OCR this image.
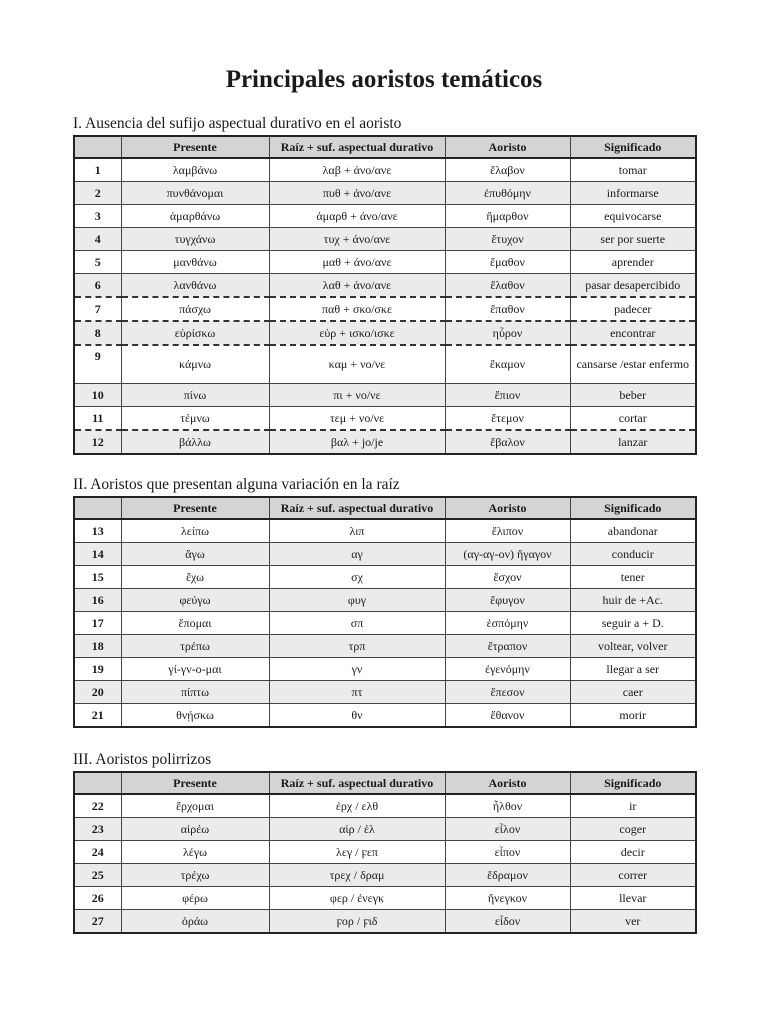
Principales aoristos temáticos
I. Ausencia del sufijo aspectual durativo en el aoristo
	Presente	Raíz + suf. aspectual durativo	Aoristo	Significado
1	λαμβάνω	λαβ + άνο/ανε	ἔλαβον	tomar
2	πυνθάνομαι	πυθ + άνο/ανε	ἐπυθόμην	informarse
3	ἁμαρθάνω	ἁμαρθ + άνο/ανε	ἥμαρθον	equivocarse
4	τυγχάνω	τυχ + άνο/ανε	ἔτυχον	ser por suerte
5	μανθάνω	μαθ + άνο/ανε	ἔμαθον	aprender
6	λανθάνω	λαθ + άνο/ανε	ἔλαθον	pasar desapercibido
7	πάσχω	παθ + σκο/σκε	ἔπαθον	padecer
8	εὑρίσκω	εὑρ + ισκο/ισκε	ηὗρον	encontrar
9	κάμνω	καμ + νο/νε	ἔκαμον	cansarse /estar enfermo
10	πίνω	πι + νο/νε	ἔπιον	beber
11	τέμνω	τεμ + νο/νε	ἔτεμον	cortar
12	βάλλω	βαλ + jo/je	ἔβαλον	lanzar
II. Aoristos que presentan alguna variación en la raíz
	Presente	Raíz + suf. aspectual durativo	Aoristo	Significado
13	λείπω	λιπ	ἔλιπον	abandonar
14	ἄγω	αγ	(αγ-αγ-ον) ἤγαγον	conducir
15	ἔχω	σχ	ἔσχον	tener
16	φεύγω	φυγ	ἔφυγον	huir de +Ac.
17	ἕπομαι	σπ	ἑσπόμην	seguir a + D.
18	τρέπω	τρπ	ἔτραπον	voltear, volver
19	γί-γν-ο-μαι	γν	ἐγενόμην	llegar a ser
20	πίπτω	πτ	ἔπεσον	caer
21	θνῄσκω	θν	ἔθανον	morir
III. Aoristos polirrizos
	Presente	Raíz + suf. aspectual durativo	Aoristo	Significado
22	ἔρχομαι	ἐρχ / ελθ	ἦλθον	ir
23	αἱρέω	αἱρ / ἑλ	εἷλον	coger
24	λέγω	λεγ / ϝεπ	εἶπον	decir
25	τρέχω	τρεχ / δραμ	ἔδραμον	correr
26	φέρω	φερ / ἐνεγκ	ἤνεγκον	llevar
27	ὁράω	ϝορ / ϝιδ	εἶδον	ver
